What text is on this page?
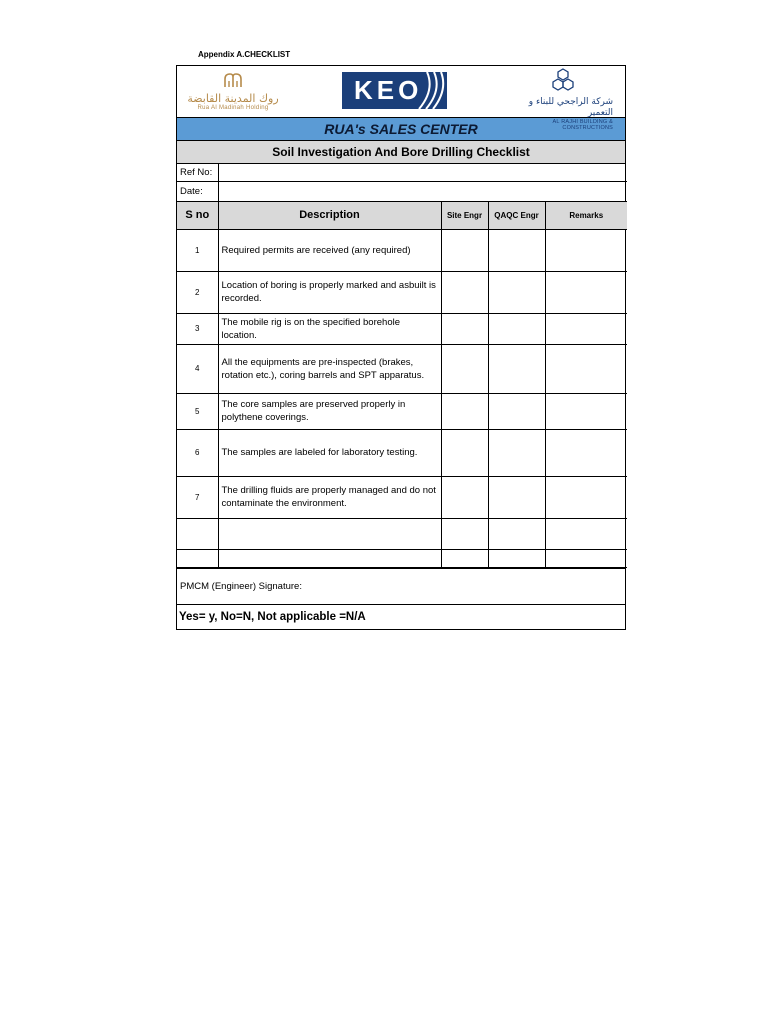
Appendix A.CHECKLIST
روك المدينة القابضة
Rua Al Madinah Holding
KEO	شركة الراجحي للبناء و التعمير
AL RAJHI BUILDING & CONSTRUCTIONS
RUA's SALES CENTER
Soil Investigation And Bore Drilling Checklist
Ref No:				
Date:				
S no	Description	Site Engr	QAQC Engr	Remarks
1	Required permits are received (any required)			
2	Location of boring is properly marked and asbuilt is recorded.			
3	The mobile rig is on the specified borehole location.			
4	All the equipments are pre-inspected (brakes, rotation etc.), coring barrels and SPT apparatus.			
5	The core samples are preserved properly in polythene coverings.			
6	The samples are labeled for laboratory testing.			
7	The drilling fluids are properly managed and do not contaminate the environment.			

PMCM (Engineer) Signature:
Yes= y, No=N, Not applicable =N/A
